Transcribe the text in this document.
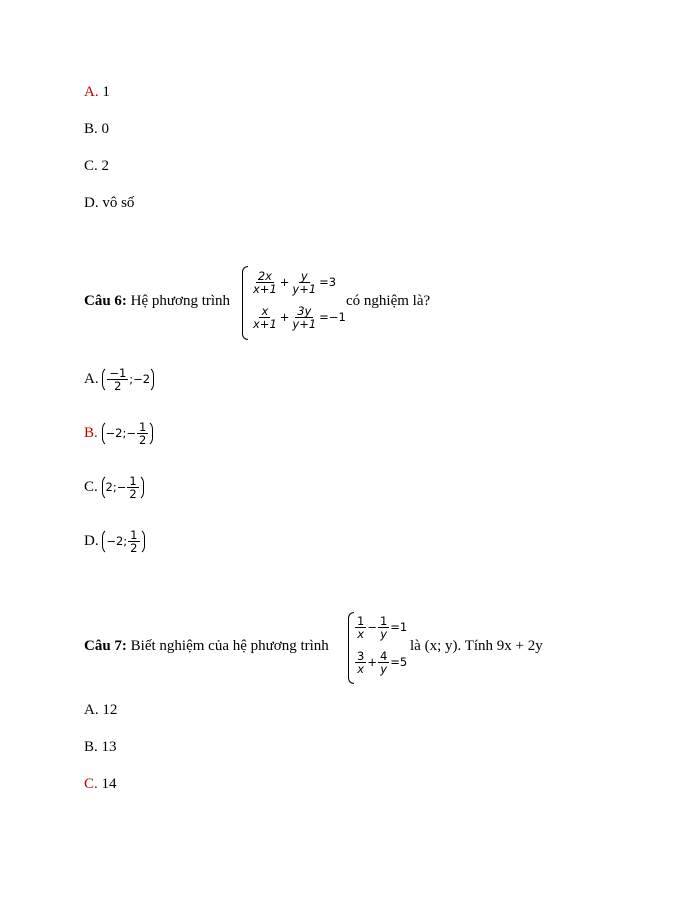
A. 1
B. 0
C. 2
D. vô số
Câu 6: Hệ phương trình
$\frac{2x}{x+1} + \frac{y}{y+1} =3$
$\frac{x}{x+1} + \frac{3y}{y+1} =-1$
có nghiệm là?
A. $\frac{-1}{2}$ ;−2
B. −2;− $\frac{1}{2}$
C. 2;− $\frac{1}{2}$
D. −2; $\frac{1}{2}$
Câu 7: Biết nghiệm của hệ phương trình
$\frac{1}{x} - \frac{1}{y} =1$
$\frac{3}{x} + \frac{4}{y} =5$
là (x; y). Tính 9x + 2y
A. 12
B. 13
C. 14
